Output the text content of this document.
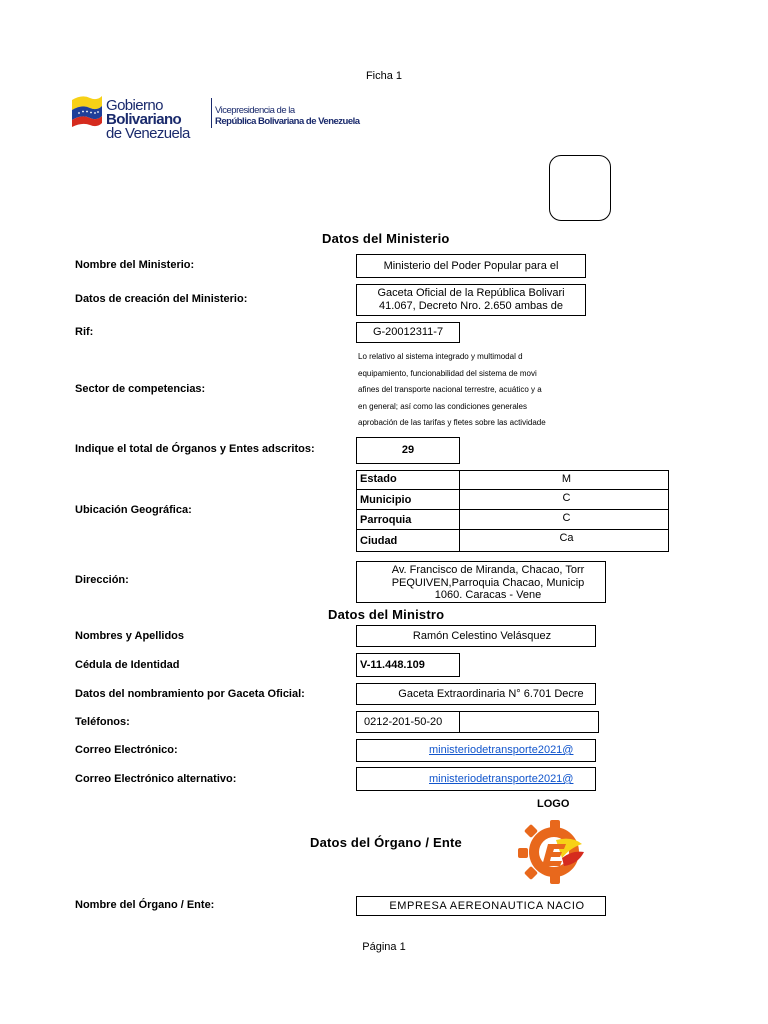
Ficha 1
Gobierno Bolivariano
de Venezuela
Vicepresidencia de la
República Bolivariana de Venezuela
Datos del Ministerio
Nombre del Ministerio:	Ministerio del Poder Popular para el
Datos de creación del Ministerio:	Gaceta Oficial de la República Bolivari
41.067, Decreto Nro. 2.650 ambas de
Rif:	G-20012311-7
Sector de competencias:
Lo relativo al sistema integrado y multimodal d
equipamiento, funcionabilidad del sistema de movi
afines del transporte nacional terrestre, acuático y a
en general; así como las condiciones generales
aprobación de las tarifas y fletes sobre las actividade
Indique el total de Órganos y Entes adscritos:	29
Ubicación Geográfica:
Estado	M
Municipio	C
Parroquia	C
Ciudad	Ca
Dirección:
Av. Francisco de Miranda, Chacao, Torr
PEQUIVEN,Parroquia Chacao, Municip
1060. Caracas - Vene
Datos del Ministro
Nombres y Apellidos	Ramón Celestino Velásquez
Cédula de Identidad	V-11.448.109
Datos del nombramiento por Gaceta Oficial:	Gaceta Extraordinaria N° 6.701 Decre
Teléfonos:	0212-201-50-20
Correo Electrónico:	ministeriodetransporte2021@
Correo Electrónico alternativo:	ministeriodetransporte2021@
LOGO
Datos del Órgano / Ente
Nombre del Órgano / Ente:	EMPRESA AEREONAUTICA NACIO
Página 1
